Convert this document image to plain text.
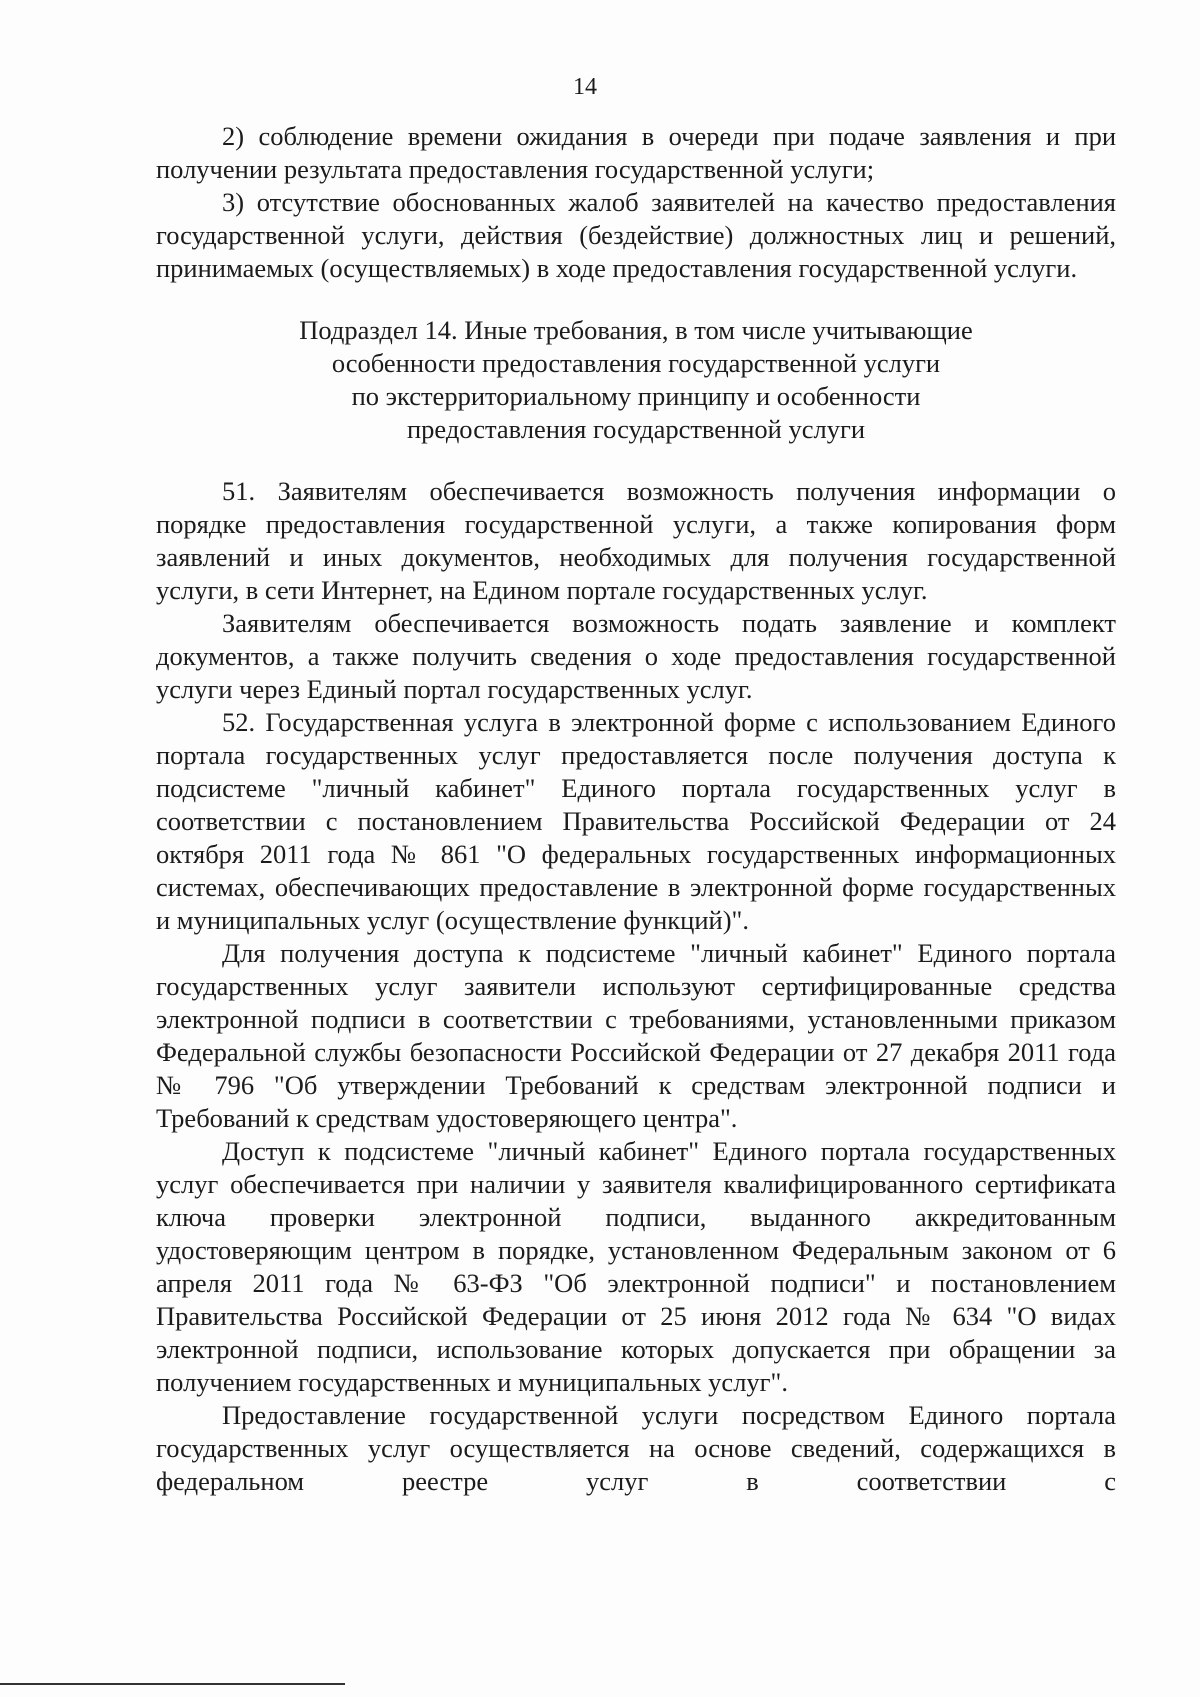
14

2) соблюдение времени ожидания в очереди при подаче заявления и при получении результата предоставления государственной услуги;

3) отсутствие обоснованных жалоб заявителей на качество предоставления государственной услуги, действия (бездействие) должностных лиц и решений, принимаемых (осуществляемых) в ходе предоставления государственной услуги.

Подраздел 14. Иные требования, в том числе учитывающие
особенности предоставления государственной услуги
по экстерриториальному принципу и особенности
предоставления государственной услуги

51. Заявителям обеспечивается возможность получения информации о порядке предоставления государственной услуги, а также копирования форм заявлений и иных документов, необходимых для получения государственной услуги, в сети Интернет, на Едином портале государственных услуг.

Заявителям обеспечивается возможность подать заявление и комплект документов, а также получить сведения о ходе предоставления государственной услуги через Единый портал государственных услуг.

52. Государственная услуга в электронной форме с использованием Единого портала государственных услуг предоставляется после получения доступа к подсистеме "личный кабинет" Единого портала государственных услуг в соответствии с постановлением Правительства Российской Федерации от 24 октября 2011 года № 861 "О федеральных государственных информационных системах, обеспечивающих предоставление в электронной форме государственных и муниципальных услуг (осуществление функций)".

Для получения доступа к подсистеме "личный кабинет" Единого портала государственных услуг заявители используют сертифицированные средства электронной подписи в соответствии с требованиями, установленными приказом Федеральной службы безопасности Российской Федерации от 27 декабря 2011 года № 796 "Об утверждении Требований к средствам электронной подписи и Требований к средствам удостоверяющего центра".

Доступ к подсистеме "личный кабинет" Единого портала государственных услуг обеспечивается при наличии у заявителя квалифицированного сертификата ключа проверки электронной подписи, выданного аккредитованным удостоверяющим центром в порядке, установленном Федеральным законом от 6 апреля 2011 года № 63-ФЗ "Об электронной подписи" и постановлением Правительства Российской Федерации от 25 июня 2012 года № 634 "О видах электронной подписи, использование которых допускается при обращении за получением государственных и муниципальных услуг".

Предоставление государственной услуги посредством Единого портала государственных услуг осуществляется на основе сведений, содержащихся в федеральном реестре услуг в соответствии с
